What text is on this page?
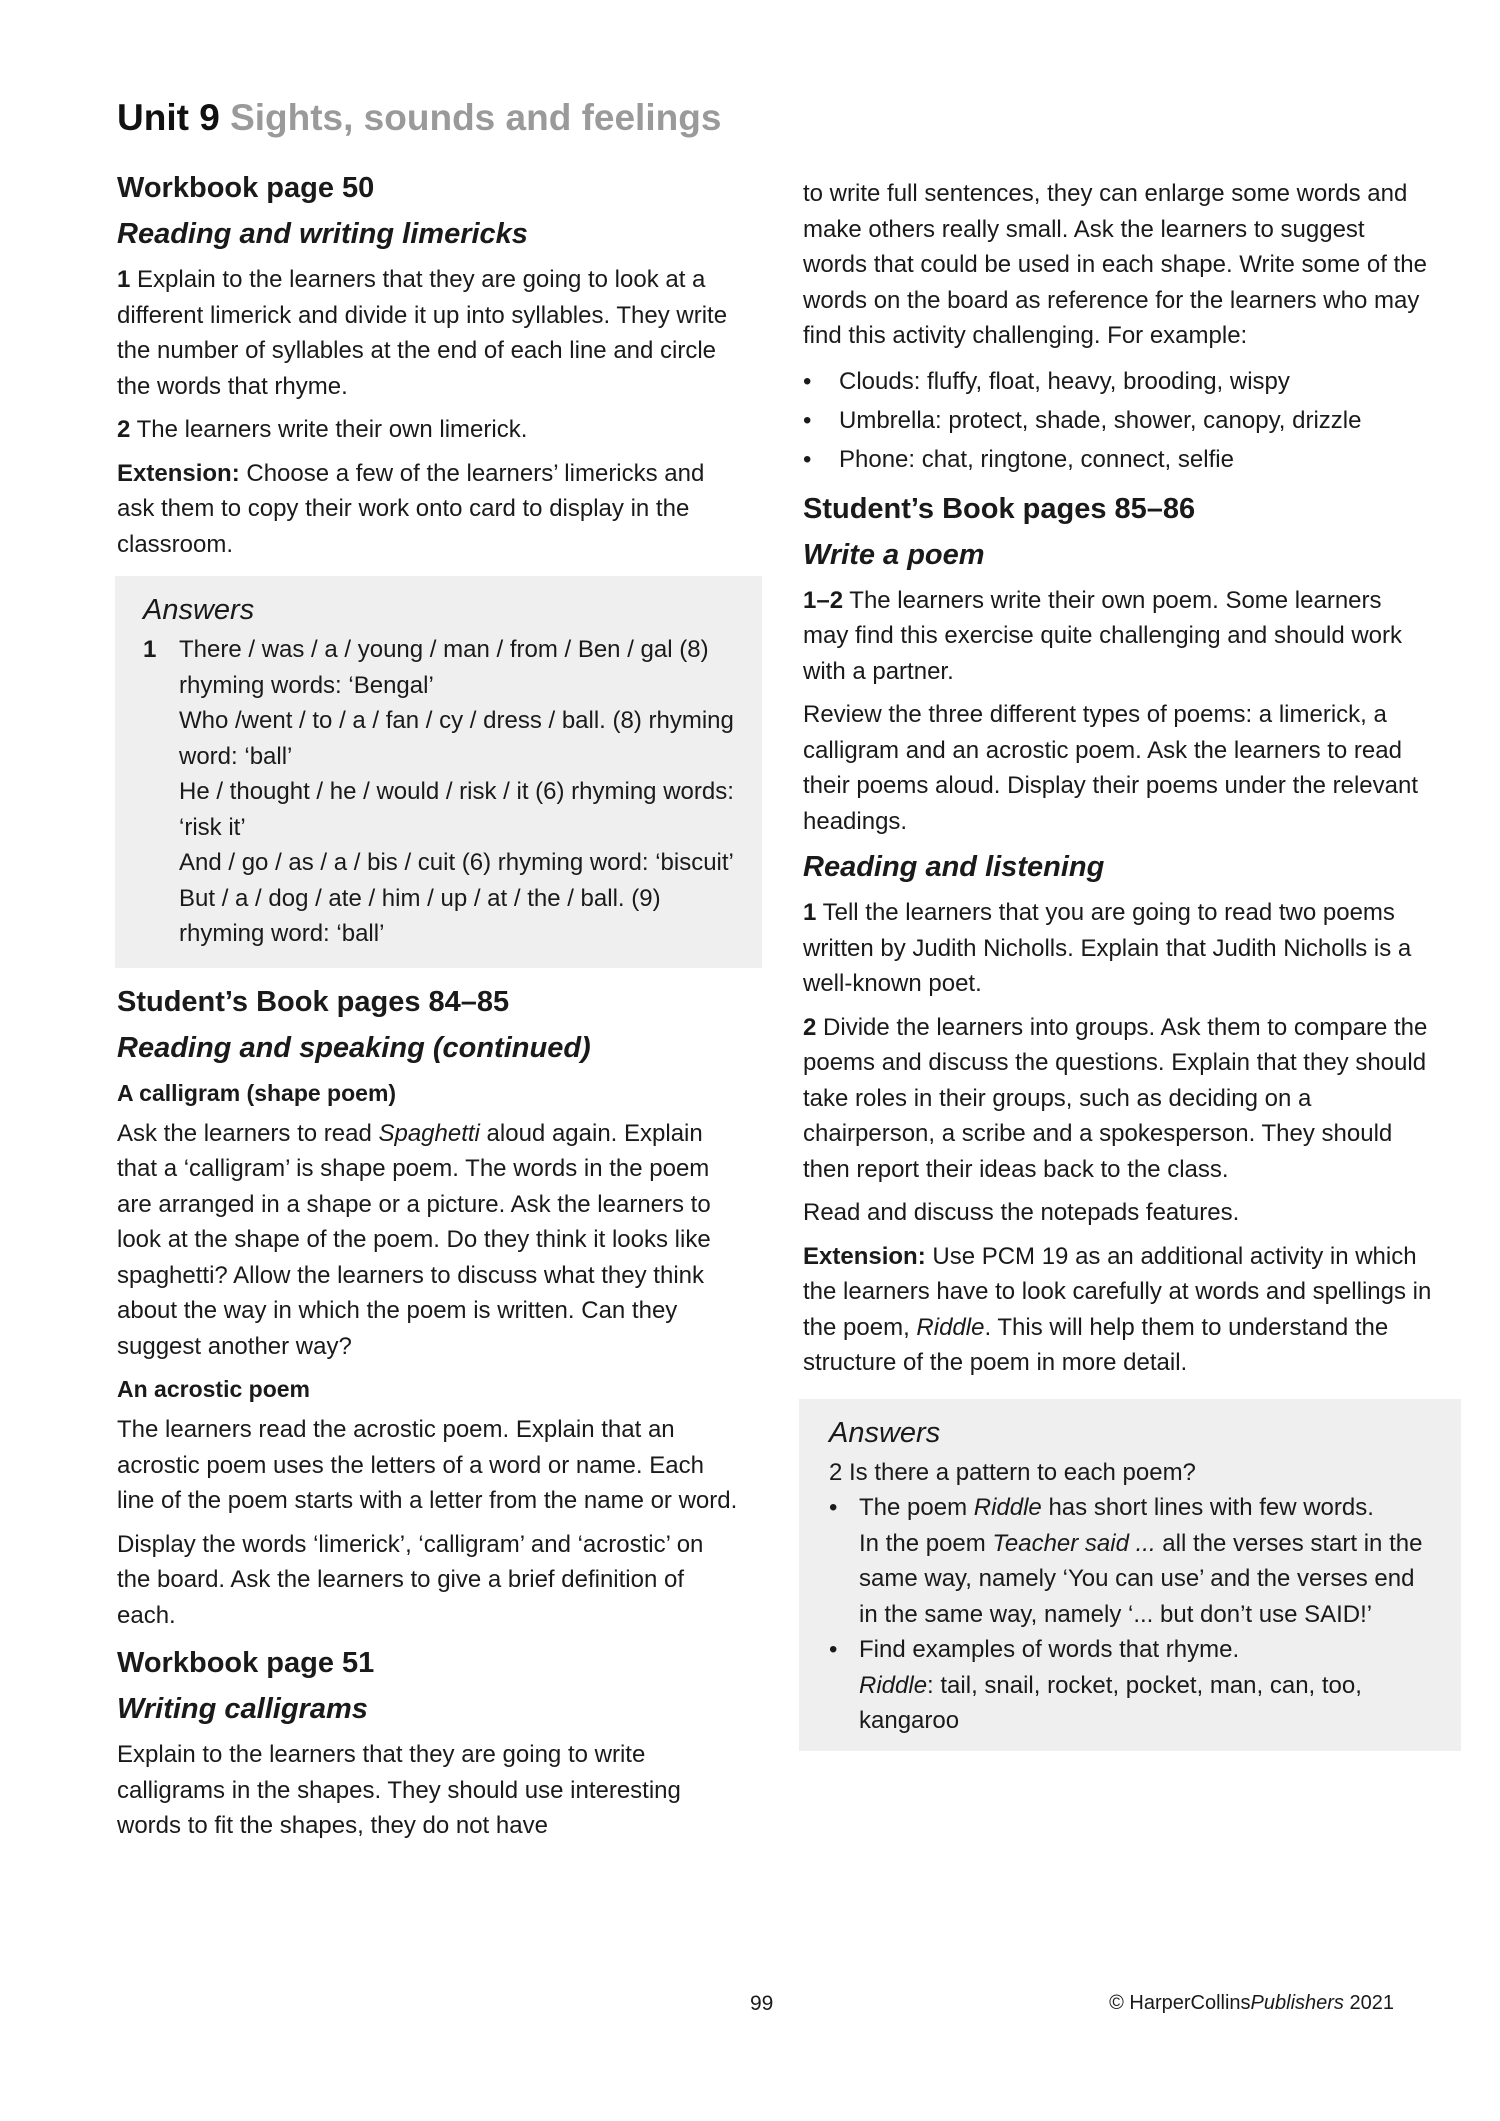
Unit 9 Sights, sounds and feelings
Workbook page 50
Reading and writing limericks

1 Explain to the learners that they are going to look at a different limerick and divide it up into syllables. They write the number of syllables at the end of each line and circle the words that rhyme.

2 The learners write their own limerick.

Extension: Choose a few of the learners’ limericks and ask them to copy their work onto card to display in the classroom.

Answers
1 There / was / a / young / man / from / Ben / gal (8) rhyming words: ‘Bengal’
Who /went / to / a / fan / cy / dress / ball. (8) rhyming word: ‘ball’
He / thought / he / would / risk / it (6) rhyming words: ‘risk it’
And / go / as / a / bis / cuit (6) rhyming word: ‘biscuit’
But / a / dog / ate / him / up / at / the / ball. (9) rhyming word: ‘ball’
Student’s Book pages 84–85
Reading and speaking (continued)
A calligram (shape poem)

Ask the learners to read Spaghetti aloud again. Explain that a ‘calligram’ is shape poem. The words in the poem are arranged in a shape or a picture. Ask the learners to look at the shape of the poem. Do they think it looks like spaghetti? Allow the learners to discuss what they think about the way in which the poem is written. Can they suggest another way?

An acrostic poem

The learners read the acrostic poem. Explain that an acrostic poem uses the letters of a word or name. Each line of the poem starts with a letter from the name or word.

Display the words ‘limerick’, ‘calligram’ and ‘acrostic’ on the board. Ask the learners to give a brief definition of each.

Workbook page 51
Writing calligrams

Explain to the learners that they are going to write calligrams in the shapes. They should use interesting words to fit the shapes, they do not have

to write full sentences, they can enlarge some words and make others really small. Ask the learners to suggest words that could be used in each shape. Write some of the words on the board as reference for the learners who may find this activity challenging. For example:

• Clouds: fluffy, float, heavy, brooding, wispy
• Umbrella: protect, shade, shower, canopy, drizzle
• Phone: chat, ringtone, connect, selfie
Student’s Book pages 85–86
Write a poem

1–2 The learners write their own poem. Some learners may find this exercise quite challenging and should work with a partner.

Review the three different types of poems: a limerick, a calligram and an acrostic poem. Ask the learners to read their poems aloud. Display their poems under the relevant headings.

Reading and listening

1 Tell the learners that you are going to read two poems written by Judith Nicholls. Explain that Judith Nicholls is a well-known poet.

2 Divide the learners into groups. Ask them to compare the poems and discuss the questions. Explain that they should take roles in their groups, such as deciding on a chairperson, a scribe and a spokesperson. They should then report their ideas back to the class.

Read and discuss the notepads features.

Extension: Use PCM 19 as an additional activity in which the learners have to look carefully at words and spellings in the poem, Riddle. This will help them to understand the structure of the poem in more detail.

Answers
2 Is there a pattern to each poem?
• The poem Riddle has short lines with few words.
In the poem Teacher said ... all the verses start in the same way, namely ‘You can use’ and the verses end in the same way, namely ‘... but don’t use SAID!’
• Find examples of words that rhyme.
Riddle: tail, snail, rocket, pocket, man, can, too, kangaroo
99	© HarperCollinsPublishers 2021
